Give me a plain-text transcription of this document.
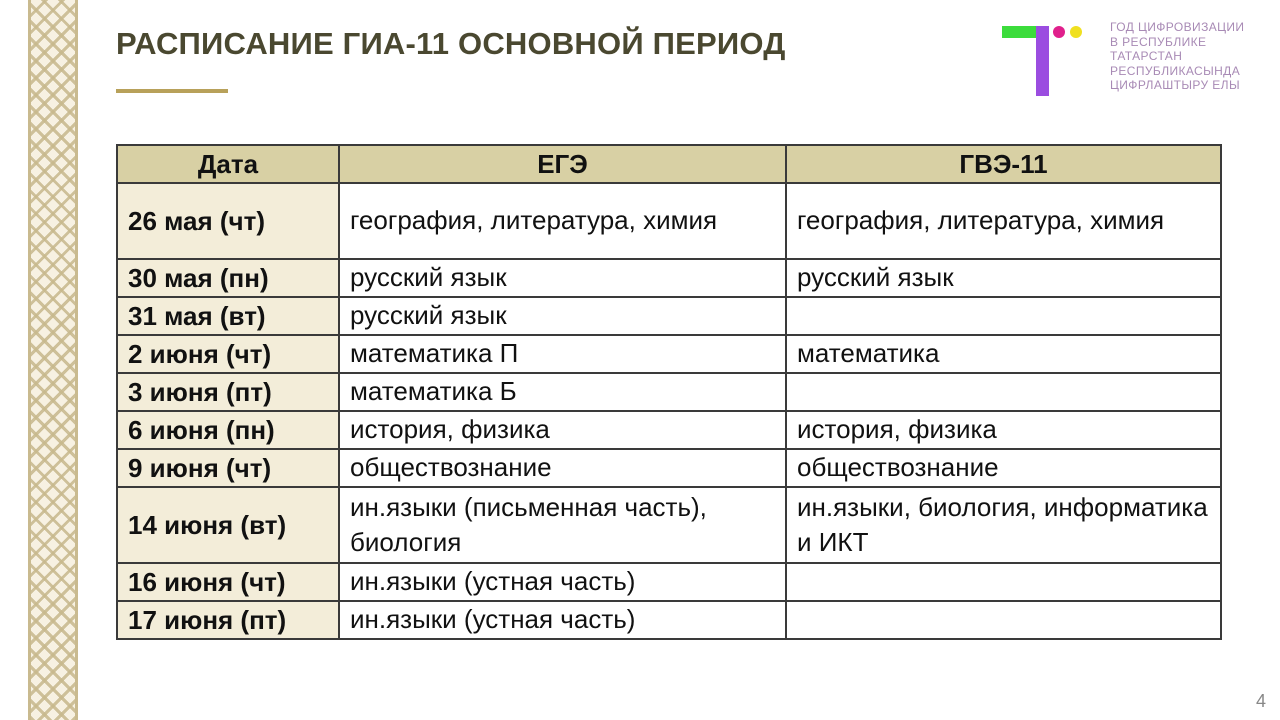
РАСПИСАНИЕ ГИА-11 ОСНОВНОЙ ПЕРИОД	ГОД ЦИФРОВИЗАЦИИ
В РЕСПУБЛИКЕ
ТАТАРСТАН
РЕСПУБЛИКАСЫНДА
ЦИФРЛАШТЫРУ ЕЛЫ
Дата	ЕГЭ	ГВЭ-11
26 мая (чт)	география, литература, химия	география, литература, химия
30 мая (пн)	русский язык	русский язык
31 мая (вт)	русский язык	
2 июня (чт)	математика П	математика
3 июня (пт)	математика Б	
6 июня (пн)	история, физика	история, физика
9 июня (чт)	обществознание	обществознание
14 июня (вт)	ин.языки (письменная часть), биология	ин.языки, биология, информатика и ИКТ
16 июня (чт)	ин.языки (устная часть)	
17 июня (пт)	ин.языки (устная часть)	
4
